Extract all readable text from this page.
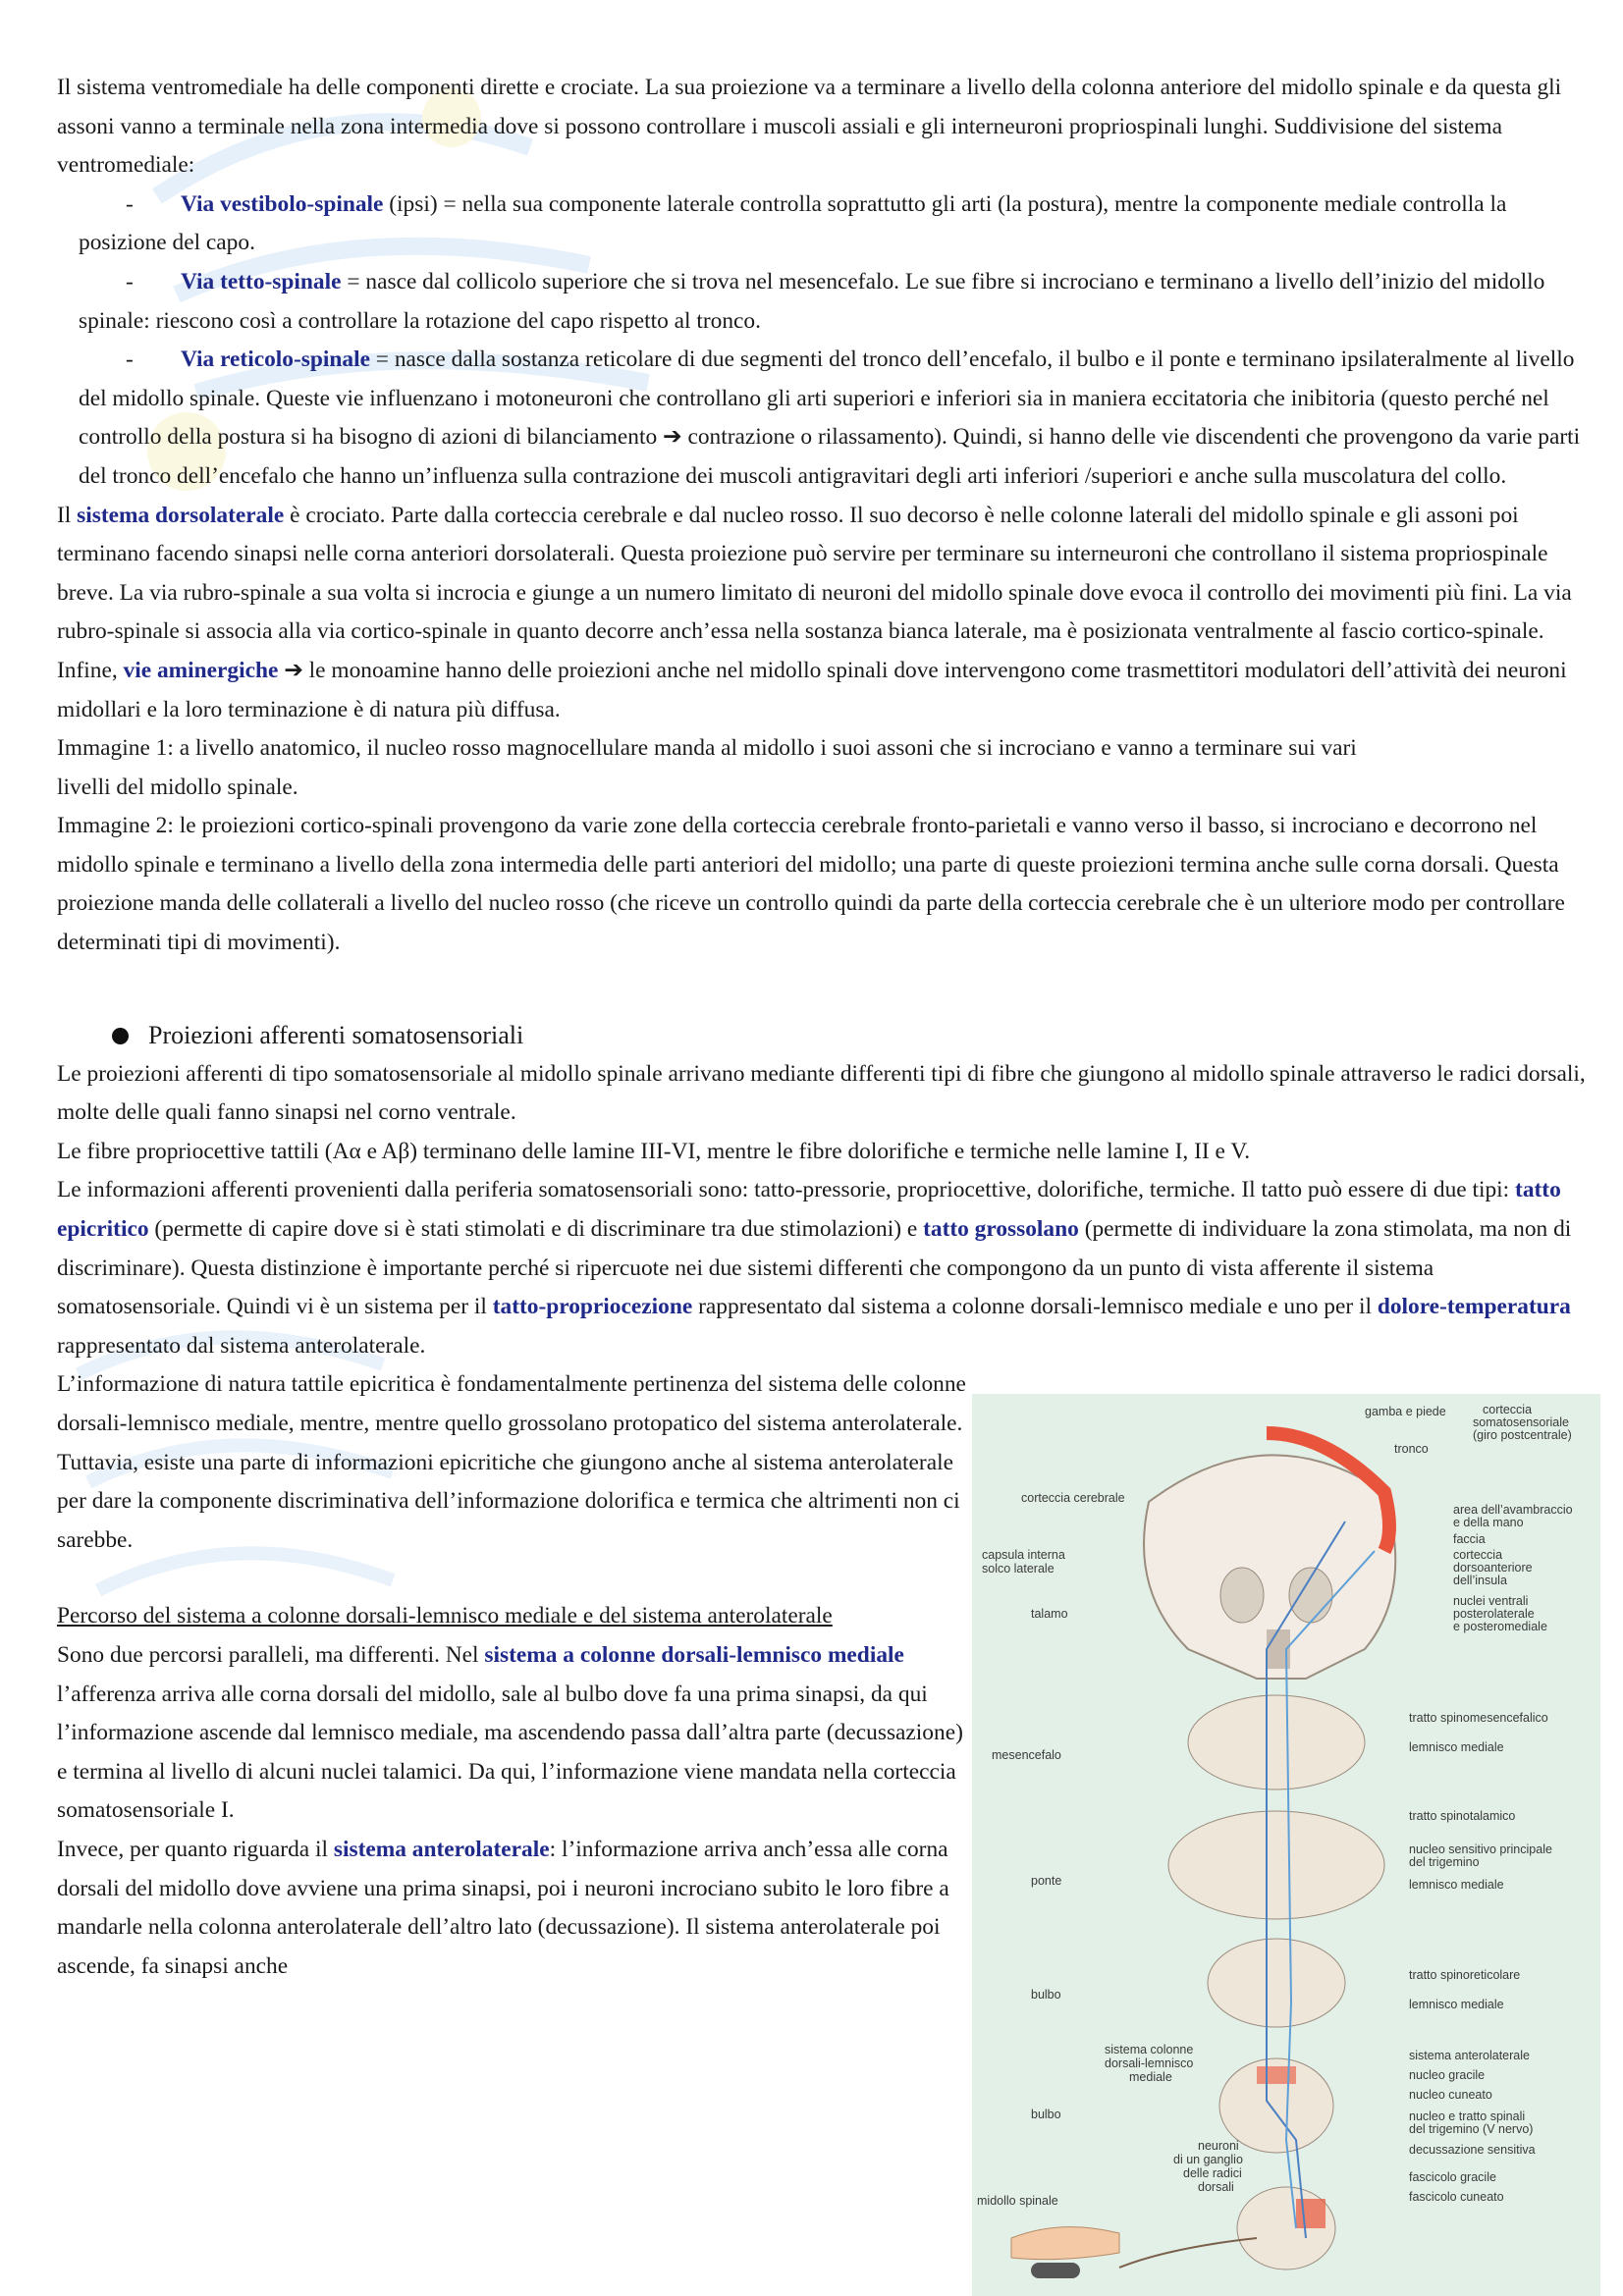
Il sistema ventromediale ha delle componenti dirette e crociate. La sua proiezione va a terminare a livello della colonna anteriore del midollo spinale e da questa gli assoni vanno a terminale nella zona intermedia dove si possono controllare i muscoli assiali e gli interneuroni propriospinali lunghi. Suddivisione del sistema ventromediale:

- Via vestibolo-spinale (ipsi) = nella sua componente laterale controlla soprattutto gli arti (la postura), mentre la componente mediale controlla la posizione del capo.
- Via tetto-spinale = nasce dal collicolo superiore che si trova nel mesencefalo. Le sue fibre si incrociano e terminano a livello dell’inizio del midollo spinale: riescono così a controllare la rotazione del capo rispetto al tronco.
- Via reticolo-spinale = nasce dalla sostanza reticolare di due segmenti del tronco dell’encefalo, il bulbo e il ponte e terminano ipsilateralmente al livello del midollo spinale. Queste vie influenzano i motoneuroni che controllano gli arti superiori e inferiori sia in maniera eccitatoria che inibitoria (questo perché nel controllo della postura si ha bisogno di azioni di bilanciamento ➔ contrazione o rilassamento). Quindi, si hanno delle vie discendenti che provengono da varie parti del tronco dell’encefalo che hanno un’influenza sulla contrazione dei muscoli antigravitari degli arti inferiori /superiori e anche sulla muscolatura del collo.

Il sistema dorsolaterale è crociato. Parte dalla corteccia cerebrale e dal nucleo rosso. Il suo decorso è nelle colonne laterali del midollo spinale e gli assoni poi terminano facendo sinapsi nelle corna anteriori dorsolaterali. Questa proiezione può servire per terminare su interneuroni che controllano il sistema propriospinale breve. La via rubro-spinale a sua volta si incrocia e giunge a un numero limitato di neuroni del midollo spinale dove evoca il controllo dei movimenti più fini. La via rubro-spinale si associa alla via cortico-spinale in quanto decorre anch’essa nella sostanza bianca laterale, ma è posizionata ventralmente al fascio cortico-spinale. Infine, vie aminergiche ➔ le monoamine hanno delle proiezioni anche nel midollo spinali dove intervengono come trasmettitori modulatori dell’attività dei neuroni midollari e la loro terminazione è di natura più diffusa.

Immagine 1: a livello anatomico, il nucleo rosso magnocellulare manda al midollo i suoi assoni che si incrociano e vanno a terminare sui vari livelli del midollo spinale.

Immagine 2: le proiezioni cortico-spinali provengono da varie zone della corteccia cerebrale fronto-parietali e vanno verso il basso, si incrociano e decorrono nel midollo spinale e terminano a livello della zona intermedia delle parti anteriori del midollo; una parte di queste proiezioni termina anche sulle corna dorsali. Questa proiezione manda delle collaterali a livello del nucleo rosso (che riceve un controllo quindi da parte della corteccia cerebrale che è un ulteriore modo per controllare determinati tipi di movimenti).

Proiezioni afferenti somatosensoriali

Le proiezioni afferenti di tipo somatosensoriale al midollo spinale arrivano mediante differenti tipi di fibre che giungono al midollo spinale attraverso le radici dorsali, molte delle quali fanno sinapsi nel corno ventrale.

Le fibre propriocettive tattili (Aα e Aβ) terminano delle lamine III-VI, mentre le fibre dolorifiche e termiche nelle lamine I, II e V.

Le informazioni afferenti provenienti dalla periferia somatosensoriali sono: tatto-pressorie, propriocettive, dolorifiche, termiche. Il tatto può essere di due tipi: tatto epicritico (permette di capire dove si è stati stimolati e di discriminare tra due stimolazioni) e tatto grossolano (permette di individuare la zona stimolata, ma non di discriminare). Questa distinzione è importante perché si ripercuote nei due sistemi differenti che compongono da un punto di vista afferente il sistema somatosensoriale. Quindi vi è un sistema per il tatto-propriocezione rappresentato dal sistema a colonne dorsali-lemnisco mediale e uno per il dolore-temperatura rappresentato dal sistema anterolaterale.

L’informazione di natura tattile epicritica è fondamentalmente pertinenza del sistema delle colonne dorsali-lemnisco mediale, mentre, mentre quello grossolano protopatico del sistema anterolaterale. Tuttavia, esiste una parte di informazioni epicritiche che giungono anche al sistema anterolaterale per dare la componente discriminativa dell’informazione dolorifica e termica che altrimenti non ci sarebbe.

Percorso del sistema a colonne dorsali-lemnisco mediale e del sistema anterolaterale

Sono due percorsi paralleli, ma differenti. Nel sistema a colonne dorsali-lemnisco mediale l’afferenza arriva alle corna dorsali del midollo, sale al bulbo dove fa una prima sinapsi, da qui l’informazione ascende dal lemnisco mediale, ma ascendendo passa dall’altra parte (decussazione) e termina al livello di alcuni nuclei talamici. Da qui, l’informazione viene mandata nella corteccia somatosensoriale I.

Invece, per quanto riguarda il sistema anterolaterale: l’informazione arriva anch’essa alle corna dorsali del midollo dove avviene una prima sinapsi, poi i neuroni incrociano subito le loro fibre a mandarle nella colonna anterolaterale dell’altro lato (decussazione). Il sistema anterolaterale poi ascende, fa sinapsi anche

gamba e piede
tronco
corteccia
somatosensoriale
(giro postcentrale)
corteccia cerebrale
capsula interna
solco laterale
talamo
mesencefalo
ponte
bulbo
sistema colonne
dorsali-lemnisco
mediale
bulbo
neuroni
di un ganglio
delle radici
dorsali
midollo spinale
area dell’avambraccio
e della mano
faccia
corteccia
dorsoanteriore
dell’insula
nuclei ventrali
posterolaterale
e posteromediale
tratto spinomesencefalico
lemnisco mediale
tratto spinotalamico
nucleo sensitivo principale
del trigemino
lemnisco mediale
tratto spinoreticolare
lemnisco mediale
sistema anterolaterale
nucleo gracile
nucleo cuneato
nucleo e tratto spinali
del trigemino (V nervo)
decussazione sensitiva
fascicolo gracile
fascicolo cuneato
